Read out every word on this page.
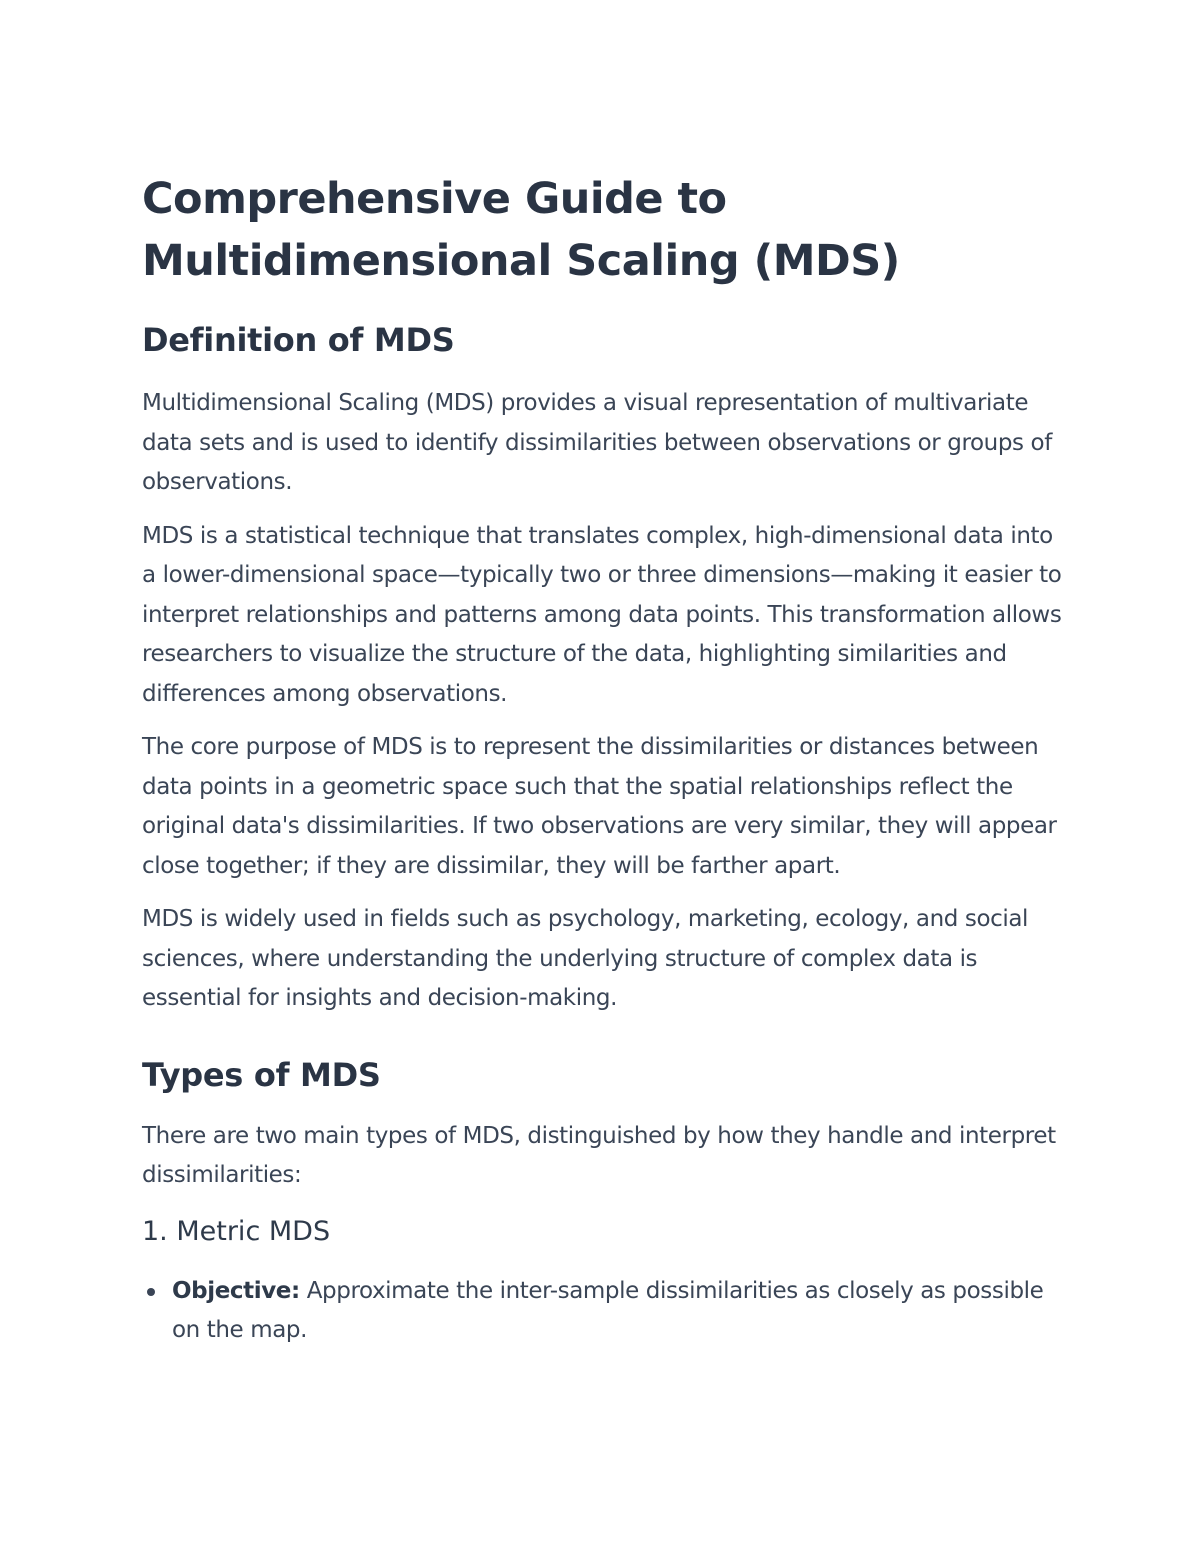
Comprehensive Guide to Multidimensional Scaling (MDS)
Definition of MDS

Multidimensional Scaling (MDS) provides a visual representation of multivariate data sets and is used to identify dissimilarities between observations or groups of observations.

MDS is a statistical technique that translates complex, high-dimensional data into a lower-dimensional space—typically two or three dimensions—making it easier to interpret relationships and patterns among data points. This transformation allows researchers to visualize the structure of the data, highlighting similarities and differences among observations.

The core purpose of MDS is to represent the dissimilarities or distances between data points in a geometric space such that the spatial relationships reflect the original data's dissimilarities. If two observations are very similar, they will appear close together; if they are dissimilar, they will be farther apart.

MDS is widely used in fields such as psychology, marketing, ecology, and social sciences, where understanding the underlying structure of complex data is essential for insights and decision-making.

Types of MDS

There are two main types of MDS, distinguished by how they handle and interpret dissimilarities:

1. Metric MDS
Objective: Approximate the inter-sample dissimilarities as closely as possible on the map.
